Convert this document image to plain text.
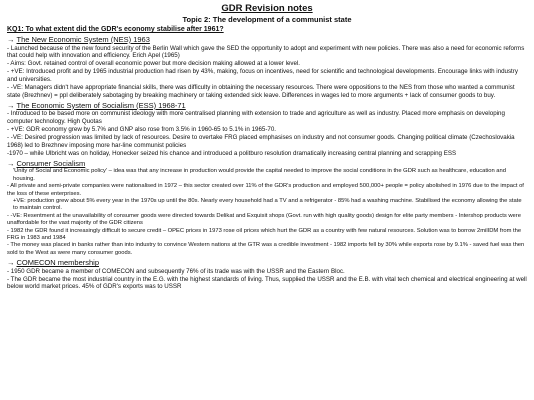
GDR Revision notes
Topic 2: The development of a communist state
KQ1: To what extent did the GDR's economy stabilise after 1961?
→ The New Economic System (NES) 1963

- Launched because of the new found security of the Berlin Wall which gave the SED the opportunity to adopt and experiment with new policies. There was also a need for economic reforms that could help with innovation and efficiency. Erich Apel (1965)

- Aims: Govt. retained control of overall economic power but more decision making allowed at a lower level.

- +VE: Introduced profit and by 1965 industrial production had risen by 43%, making, focus on incentives, need for scientific and technological developments. Encourage links with industry and universities.

- -VE: Managers didn't have appropriate financial skills, there was difficulty in obtaining the necessary resources. There were oppositions to the NES from those who wanted a communist state (Brezhnev) = ppl deliberately sabotaging by breaking machinery or taking extended sick leave. Differences in wages led to more arguments + lack of consumer goods to buy.

→ The Economic System of Socialism (ESS) 1968-71

- Introduced to be based more on communist ideology with more centralised planning with extension to trade and agriculture as well as industry. Placed more emphasis on developing computer technology. High Quotas

- +VE: GDR economy grew by 5.7% and GNP also rose from 3.5% in 1960-65 to 5.1% in 1965-70.

- -VE: Desired progression was limited by lack of resources. Desire to overtake FRG placed emphasises on industry and not consumer goods. Changing political climate (Czechoslovakia 1968) led to Brezhnev imposing more har-line communist policies

-1970 – while Ulbricht was on holiday, Honecker seized his chance and introduced a politburo resolution dramatically increasing central planning and scrapping ESS

→ Consumer Socialism

'Unity of Social and Economic policy' – idea was that any increase in production would provide the capital needed to improve the social conditions in the GDR such as healthcare, education and housing.

- All private and semi-private companies were nationalised in 1972 – this sector created over 11% of the GDR's production and employed 500,000+ people = policy abolished in 1976 due to the impact of the loss of these enterprises.

+VE: production grew about 5% every year in the 1970s up until the 80s. Nearly every household had a TV and a refrigerator - 85% had a washing machine. Stabilised the economy allowing the state to maintain control.

- -VE: Resentment at the unavailability of consumer goods were directed towards Delikat and Exquisit shops (Govt. run with high quality goods) design for elite party members - Intershop products were unaffordable for the vast majority of the GDR citizens

- 1982 the GDR found it increasingly difficult to secure credit – OPEC prices in 1973 rose oil prices which hurt the GDR as a country with few natural resources. Solution was to borrow 2milIDM from the FRG in 1983 and 1984

- The money was placed in banks rather than into industry to convince Western nations at the GTR was a credible investment - 1982 imports fell by 30% while exports rose by 9.1% - saved fuel was then sold to the West as were many consumer goods.

→ COMECON membership

- 1950 GDR became a member of COMECON and subsequently 76% of its trade was with the USSR and the Eastern Bloc.

- The GDR became the most industrial country in the E.G. with the highest standards of living. Thus, supplied the USSR and the E.B. with vital tech chemical and electrical engineering at well below world market prices. 45% of GDR's exports was to USSR
